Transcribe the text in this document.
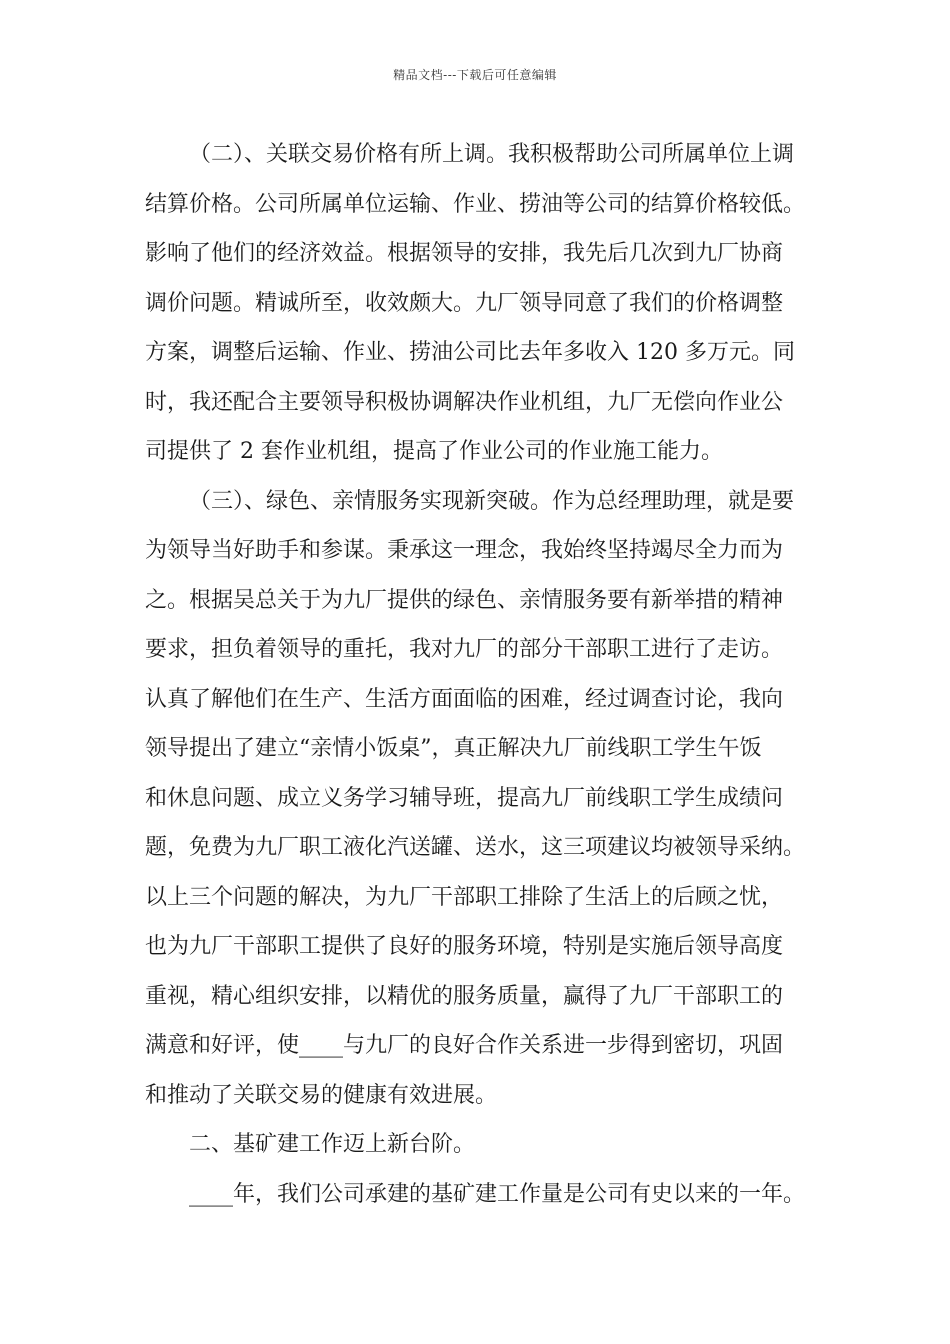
精品文档---下载后可任意编辑
（二）、关联交易价格有所上调。我积极帮助公司所属单位上调
结算价格。公司所属单位运输、作业、捞油等公司的结算价格较低。
影响了他们的经济效益。根据领导的安排，我先后几次到九厂协商
调价问题。精诚所至，收效颇大。九厂领导同意了我们的价格调整
方案，调整后运输、作业、捞油公司比去年多收入 120 多万元。同
时，我还配合主要领导积极协调解决作业机组，九厂无偿向作业公
司提供了 2 套作业机组，提高了作业公司的作业施工能力。
（三）、绿色、亲情服务实现新突破。作为总经理助理，就是要
为领导当好助手和参谋。秉承这一理念，我始终坚持竭尽全力而为
之。根据吴总关于为九厂提供的绿色、亲情服务要有新举措的精神
要求，担负着领导的重托，我对九厂的部分干部职工进行了走访。
认真了解他们在生产、生活方面面临的困难，经过调查讨论，我向
领导提出了建立“亲情小饭桌”，真正解决九厂前线职工学生午饭
和休息问题、成立义务学习辅导班，提高九厂前线职工学生成绩问
题，免费为九厂职工液化汽送罐、送水，这三项建议均被领导采纳。
以上三个问题的解决，为九厂干部职工排除了生活上的后顾之忧，
也为九厂干部职工提供了良好的服务环境，特别是实施后领导高度
重视，精心组织安排，以精优的服务质量，赢得了九厂干部职工的
满意和好评，使____与九厂的良好合作关系进一步得到密切，巩固
和推动了关联交易的健康有效进展。
二、基矿建工作迈上新台阶。
____年，我们公司承建的基矿建工作量是公司有史以来的一年。
